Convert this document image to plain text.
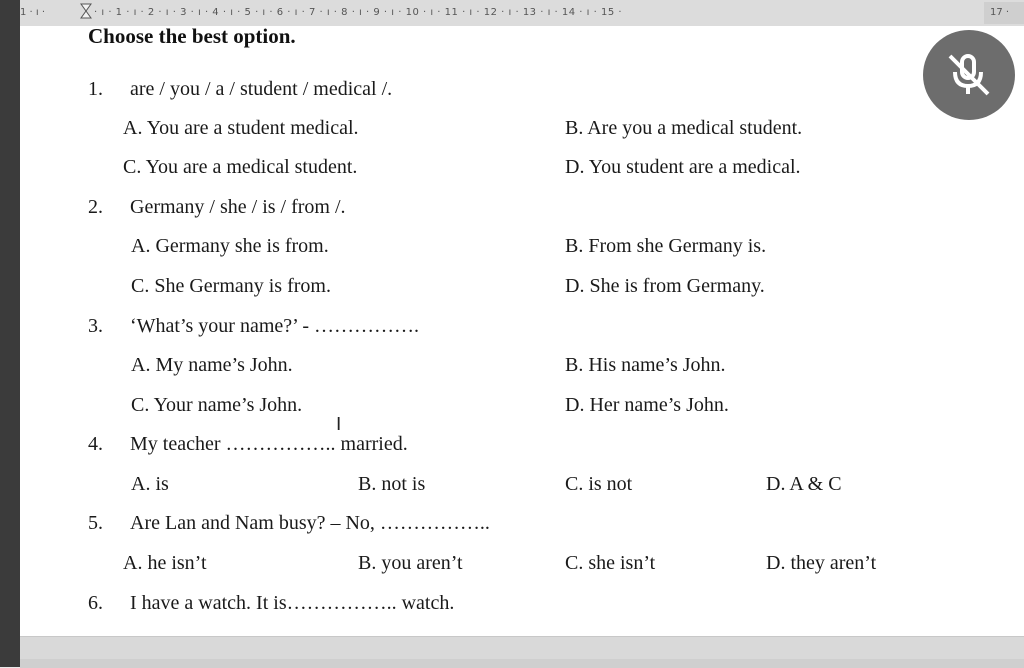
1 · ı ·	· ı · 1 · ı · 2 · ı · 3 · ı · 4 · ı · 5 · ı · 6 · ı · 7 · ı · 8 · ı · 9 · ı · 10 · ı · 11 · ı · 12 · ı · 13 · ı · 14 · ı · 15 ·	17 ·
Choose the best option.
1. are / you / a / student / medical /.
A. You are a student medical.	B. Are you a medical student.
C. You are a medical student.	D. You student are a medical.
2. Germany / she / is / from /.
A. Germany she is from.	B. From she Germany is.
C. She Germany is from.	D. She is from Germany.
3. ‘What’s your name?’ - …………….
A. My name’s John.	B. His name’s John.
C. Your name’s John.	D. Her name’s John.
4. My teacher …………….. married.
A. is	B. not is	C. is not	D. A & C
5. Are Lan and Nam busy? – No, ……………..
A. he isn’t	B. you aren’t	C. she isn’t	D. they aren’t
6. I have a watch. It is…………….. watch.
I
